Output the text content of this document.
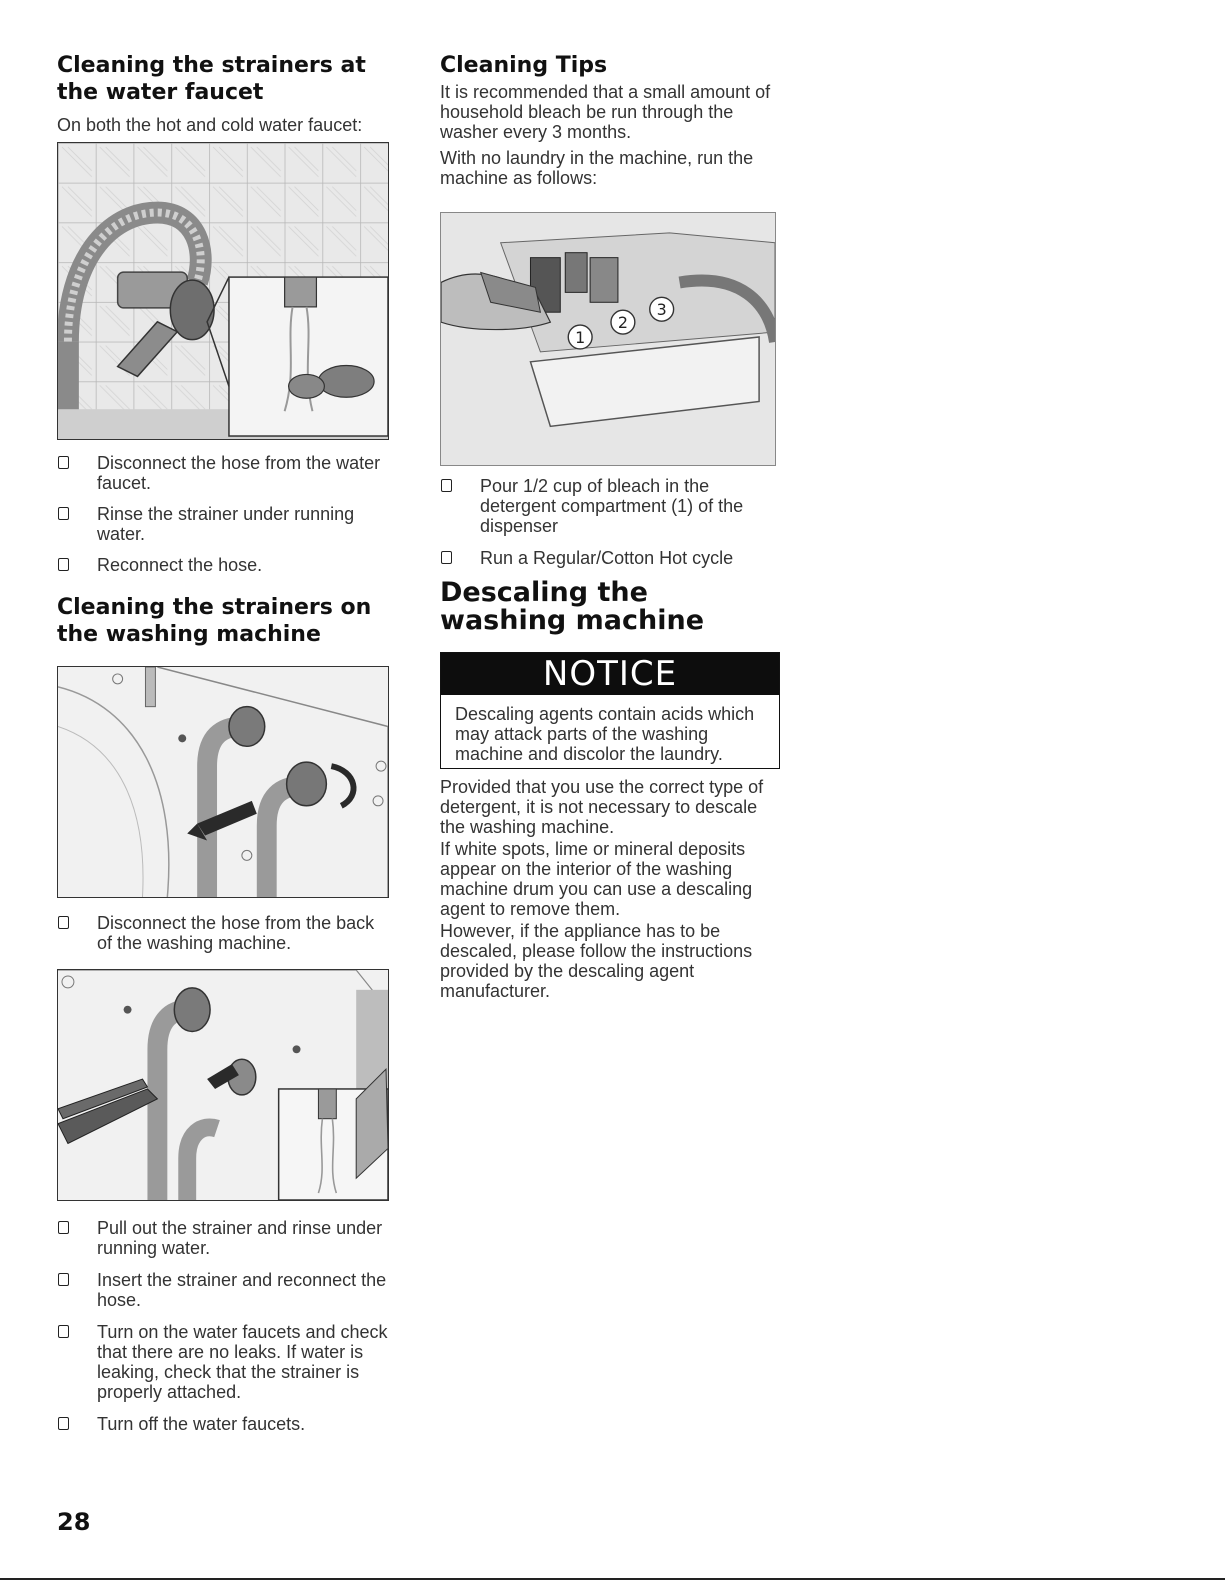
Cleaning the strainers at the water faucet

On both the hot and cold water faucet:

Disconnect the hose from the water faucet.
Rinse the strainer under running water.
Reconnect the hose.
Cleaning the strainers on the washing machine
Disconnect the hose from the back of the washing machine.
Pull out the strainer and rinse under running water.
Insert the strainer and reconnect the hose.
Turn on the water faucets and check that there are no leaks. If water is leaking, check that the strainer is properly attached.
Turn off the water faucets.
Cleaning Tips

It is recommended that a small amount of household bleach be run through the washer every 3 months.

With no laundry in the machine, run the machine as follows:

1
2
3
Pour 1/2 cup of bleach in the detergent compartment (1) of the dispenser
Run a Regular/Cotton Hot cycle
Descaling the washing machine
NOTICE
Descaling agents contain acids which may attack parts of the washing machine and discolor the laundry.

Provided that you use the correct type of detergent, it is not necessary to descale the washing machine.

If white spots, lime or mineral deposits appear on the interior of the washing machine drum you can use a descaling agent to remove them.

However, if the appliance has to be descaled, please follow the instructions provided by the descaling agent manufacturer.

28
